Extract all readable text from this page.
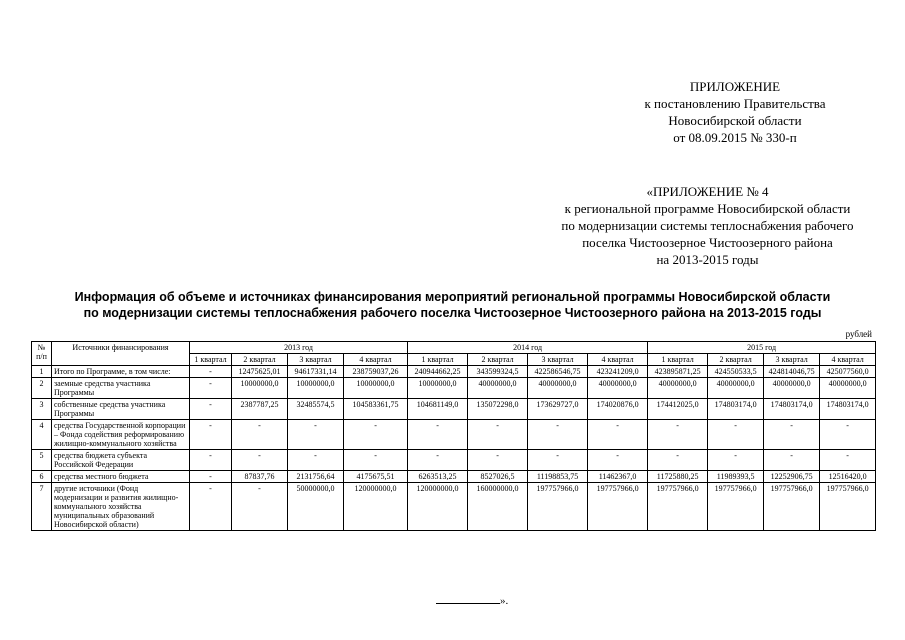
ПРИЛОЖЕНИЕ
к постановлению Правительства
Новосибирской области
от 08.09.2015 № 330-п
«ПРИЛОЖЕНИЕ № 4
к региональной программе Новосибирской области
по модернизации системы теплоснабжения рабочего
поселка Чистоозерное Чистоозерного района
на 2013-2015 годы
Информация об объеме и источниках финансирования мероприятий региональной программы Новосибирской области
по модернизации системы теплоснабжения рабочего поселка Чистоозерное Чистоозерного района на 2013-2015 годы
рублей
№ п/п	Источники финансирования	2013 год				2014 год				2015 год			
		1 квартал	2 квартал	3 квартал	4 квартал	1 квартал	2 квартал	3 квартал	4 квартал	1 квартал	2 квартал	3 квартал	4 квартал
1	Итого по Программе, в том числе:	-	12475625,01	94617331,14	238759037,26	240944662,25	343599324,5	422586546,75	423241209,0	423895871,25	424550533,5	424814046,75	425077560,0
2	заемные средства участника Программы	-	10000000,0	10000000,0	10000000,0	10000000,0	40000000,0	40000000,0	40000000,0	40000000,0	40000000,0	40000000,0	40000000,0
3	собственные средства участника Программы	-	2387787,25	32485574,5	104583361,75	104681149,0	135072298,0	173629727,0	174020876,0	174412025,0	174803174,0	174803174,0	174803174,0
4	средства Государственной корпорации – Фонда содействия реформированию жилищно-коммунального хозяйства	-	-	-	-	-	-	-	-	-	-	-	-
5	средства бюджета субъекта Российской Федерации	-	-	-	-	-	-	-	-	-	-	-	-
6	средства местного бюджета	-	87837,76	2131756,64	4175675,51	6263513,25	8527026,5	11198853,75	11462367,0	11725880,25	11989393,5	12252906,75	12516420,0
7	другие источники (Фонд модернизации и развития жилищно-коммунального хозяйства муниципальных образований Новосибирской области)	-	-	50000000,0	120000000,0	120000000,0	160000000,0	197757966,0	197757966,0	197757966,0	197757966,0	197757966,0	197757966,0
».
